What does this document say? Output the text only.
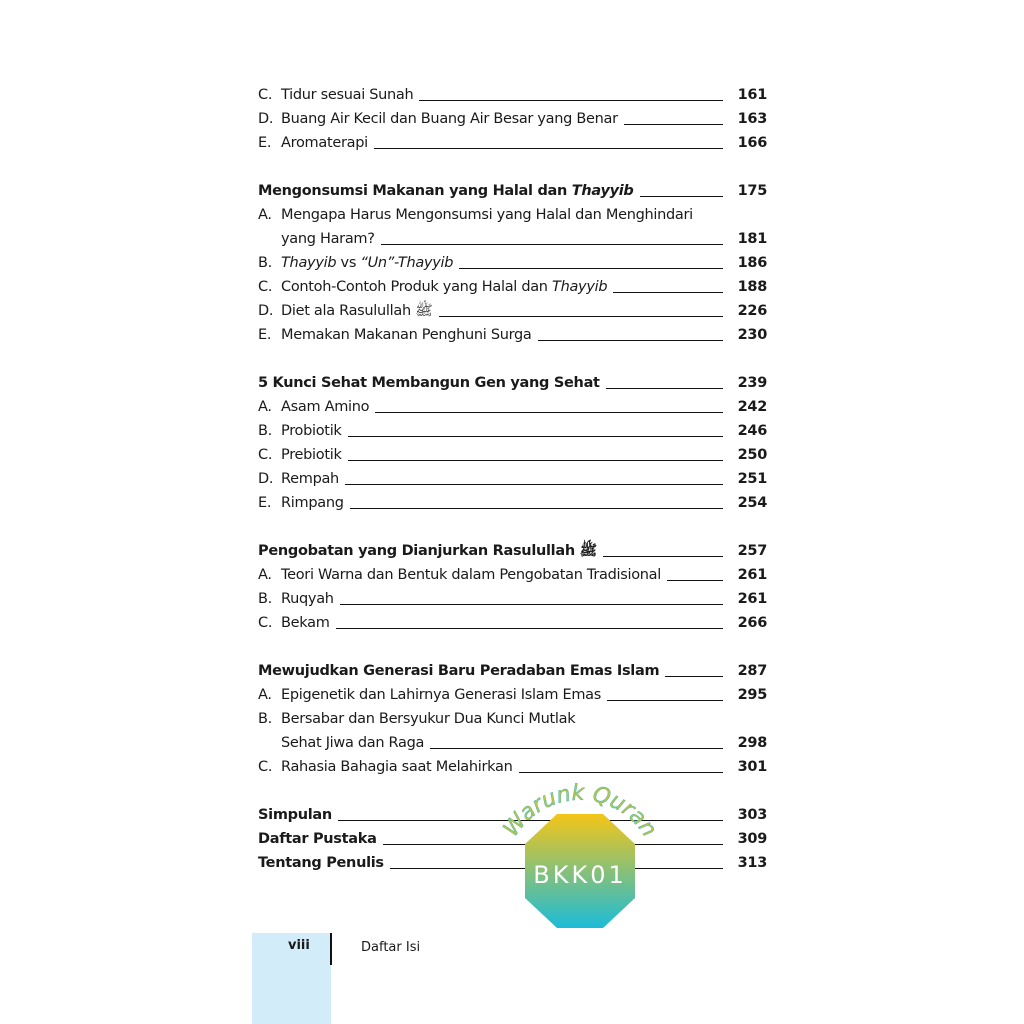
C. Tidur sesuai Sunah	161
D. Buang Air Kecil dan Buang Air Besar yang Benar	163
E. Aromaterapi	166
Mengonsumsi Makanan yang Halal dan Thayyib	175
A. Mengapa Harus Mengonsumsi yang Halal dan Menghindari
yang Haram?	181
B. Thayyib vs “Un”-Thayyib	186
C. Contoh-Contoh Produk yang Halal dan Thayyib	188
D. Diet ala Rasulullah ﷺ	226
E. Memakan Makanan Penghuni Surga	230
5 Kunci Sehat Membangun Gen yang Sehat	239
A. Asam Amino	242
B. Probiotik	246
C. Prebiotik	250
D. Rempah	251
E. Rimpang	254
Pengobatan yang Dianjurkan Rasulullah ﷺ	257
A. Teori Warna dan Bentuk dalam Pengobatan Tradisional	261
B. Ruqyah	261
C. Bekam	266
Mewujudkan Generasi Baru Peradaban Emas Islam	287
A. Epigenetik dan Lahirnya Generasi Islam Emas	295
B. Bersabar dan Bersyukur Dua Kunci Mutlak
Sehat Jiwa dan Raga	298
C. Rahasia Bahagia saat Melahirkan	301
Simpulan	303
Daftar Pustaka	309
Tentang Penulis	313
viii	Daftar Isi
Warunk Quran
BKK01
